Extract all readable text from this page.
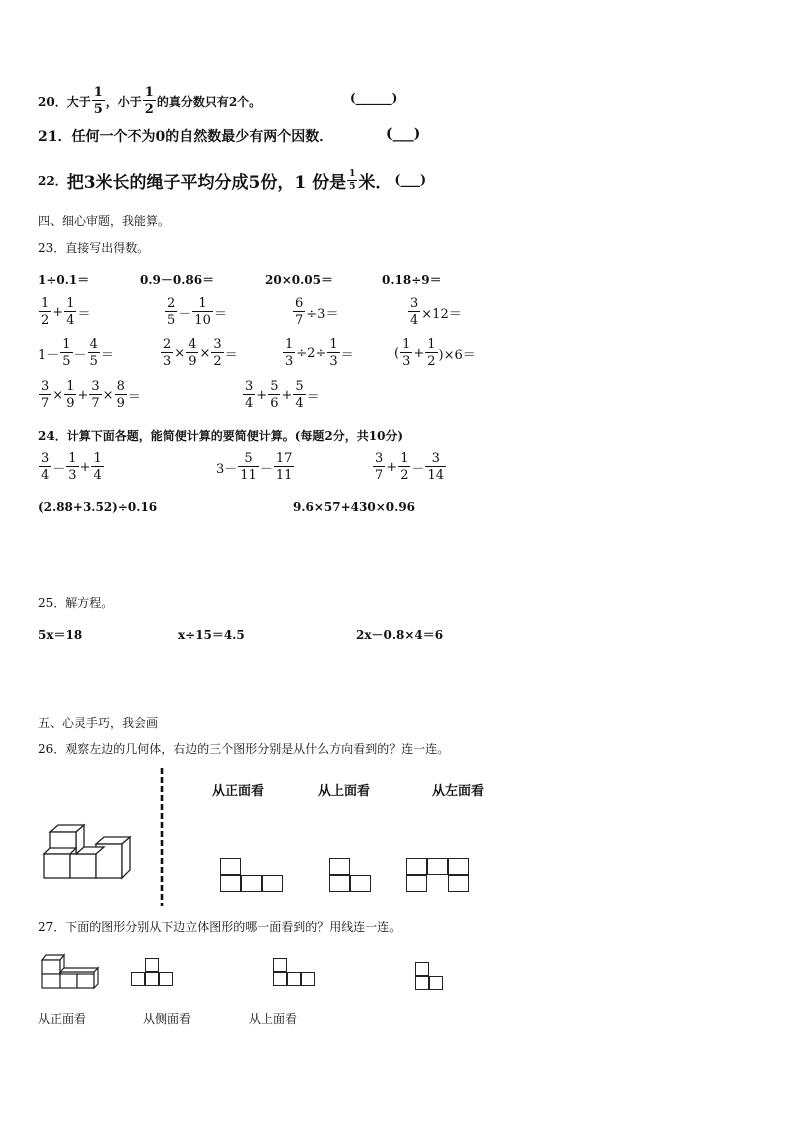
20． 大于 $\frac{1}{5}$ ，小于 $\frac{1}{2}$ 的真分数只有2个。	(______)
21．任何一个不为0的自然数最少有两个因数．	(___)
22． 把3米长的绳子平均分成5份，1 份是 $\frac{1}{5}$ 米． (___)
四、细心审题，我能算。
23．直接写出得数。
1÷0.1＝	0.9－0.86＝	20×0.05＝	0.18÷9＝
$\frac{1}{2} + \frac{1}{4}$ ＝	$\frac{2}{5} - \frac{1}{10}$ ＝	$\frac{6}{7} \div 3=$	$\frac{3}{4} \times 12=$
$1- \frac{1}{5} - \frac{4}{5}$ ＝	$\frac{2}{3} \times \frac{4}{9} \times \frac{3}{2}$ ＝	$\frac{1}{3} \div 2\div \frac{1}{3}$ ＝	( $\frac{1}{3} + \frac{1}{2} )\times 6=$
$\frac{3}{7} \times \frac{1}{9} + \frac{3}{7} \times \frac{8}{9}$ ＝	$\frac{3}{4} + \frac{5}{6} + \frac{5}{4}$ ＝
24．计算下面各题，能简便计算的要简便计算。(每题2分，共10分)
$\frac{3}{4} - \frac{1}{3} + \frac{1}{4}$	$3- \frac{5}{11} - \frac{17}{11}$	$\frac{3}{7} + \frac{1}{2} - \frac{3}{14}$
(2.88+3.52)÷0.16	9.6×57+430×0.96
25．解方程。
5x＝18	x÷15＝4.5	2x－0.8×4＝6
五、心灵手巧，我会画
26．观察左边的几何体，右边的三个图形分别是从什么方向看到的？连一连。
从正面看	从上面看	从左面看
27．下面的图形分别从下边立体图形的哪一面看到的？用线连一连。
从正面看	从侧面看	从上面看
